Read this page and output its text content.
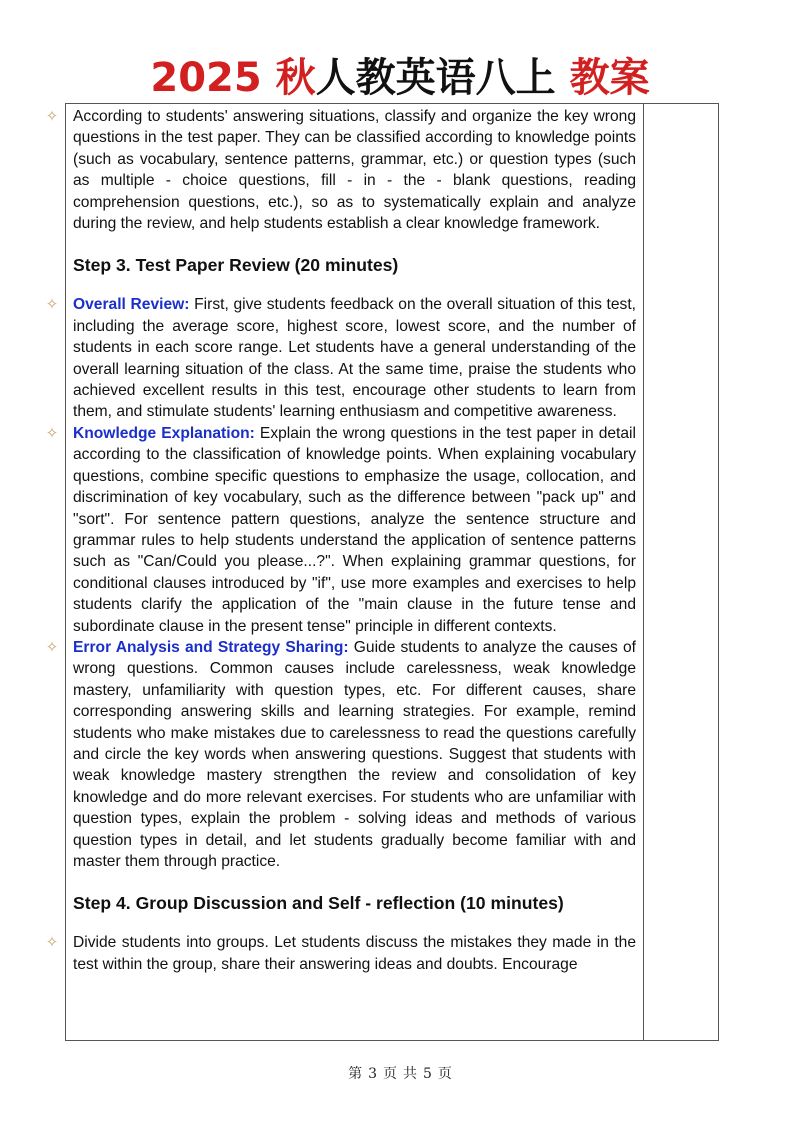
2025 秋人教英语八上 教案
✧ According to students' answering situations, classify and organize the key wrong questions in the test paper. They can be classified according to knowledge points (such as vocabulary, sentence patterns, grammar, etc.) or question types (such as multiple - choice questions, fill - in - the - blank questions, reading comprehension questions, etc.), so as to systematically explain and analyze during the review, and help students establish a clear knowledge framework.
Step 3. Test Paper Review (20 minutes)
✧ Overall Review: First, give students feedback on the overall situation of this test, including the average score, highest score, lowest score, and the number of students in each score range. Let students have a general understanding of the overall learning situation of the class. At the same time, praise the students who achieved excellent results in this test, encourage other students to learn from them, and stimulate students' learning enthusiasm and competitive awareness.
✧ Knowledge Explanation: Explain the wrong questions in the test paper in detail according to the classification of knowledge points. When explaining vocabulary questions, combine specific questions to emphasize the usage, collocation, and discrimination of key vocabulary, such as the difference between "pack up" and "sort". For sentence pattern questions, analyze the sentence structure and grammar rules to help students understand the application of sentence patterns such as "Can/Could you please...?". When explaining grammar questions, for conditional clauses introduced by "if", use more examples and exercises to help students clarify the application of the "main clause in the future tense and subordinate clause in the present tense" principle in different contexts.
✧ Error Analysis and Strategy Sharing: Guide students to analyze the causes of wrong questions. Common causes include carelessness, weak knowledge mastery, unfamiliarity with question types, etc. For different causes, share corresponding answering skills and learning strategies. For example, remind students who make mistakes due to carelessness to read the questions carefully and circle the key words when answering questions. Suggest that students with weak knowledge mastery strengthen the review and consolidation of key knowledge and do more relevant exercises. For students who are unfamiliar with question types, explain the problem - solving ideas and methods of various question types in detail, and let students gradually become familiar with and master them through practice.
Step 4. Group Discussion and Self - reflection (10 minutes)
✧ Divide students into groups. Let students discuss the mistakes they made in the test within the group, share their answering ideas and doubts. Encourage
第 3 页 共 5 页
